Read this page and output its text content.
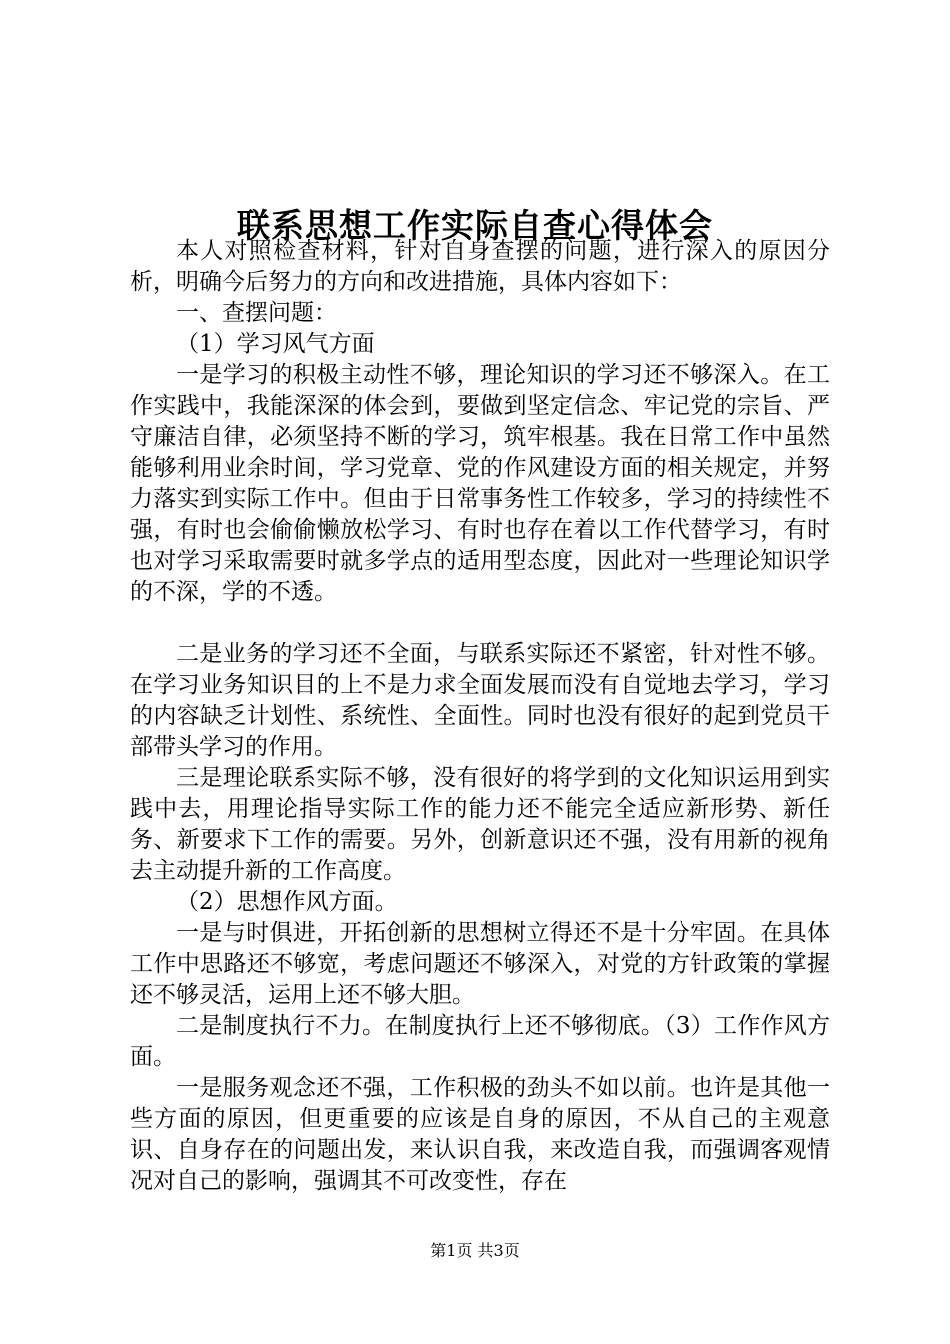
联系思想工作实际自查心得体会

本人对照检查材料，针对自身查摆的问题，进行深入的原因分析，明确今后努力的方向和改进措施，具体内容如下：

一、查摆问题：

（1）学习风气方面

一是学习的积极主动性不够，理论知识的学习还不够深入。在工作实践中，我能深深的体会到，要做到坚定信念、牢记党的宗旨、严守廉洁自律，必须坚持不断的学习，筑牢根基。我在日常工作中虽然能够利用业余时间，学习党章、党的作风建设方面的相关规定，并努力落实到实际工作中。但由于日常事务性工作较多，学习的持续性不强，有时也会偷偷懒放松学习、有时也存在着以工作代替学习，有时也对学习采取需要时就多学点的适用型态度，因此对一些理论知识学的不深，学的不透。

二是业务的学习还不全面，与联系实际还不紧密，针对性不够。在学习业务知识目的上不是力求全面发展而没有自觉地去学习，学习的内容缺乏计划性、系统性、全面性。同时也没有很好的起到党员干部带头学习的作用。

三是理论联系实际不够，没有很好的将学到的文化知识运用到实践中去，用理论指导实际工作的能力还不能完全适应新形势、新任务、新要求下工作的需要。另外，创新意识还不强，没有用新的视角去主动提升新的工作高度。

（2）思想作风方面。

一是与时俱进，开拓创新的思想树立得还不是十分牢固。在具体工作中思路还不够宽，考虑问题还不够深入，对党的方针政策的掌握还不够灵活，运用上还不够大胆。

二是制度执行不力。在制度执行上还不够彻底。（3）工作作风方面。

一是服务观念还不强，工作积极的劲头不如以前。也许是其他一些方面的原因，但更重要的应该是自身的原因，不从自己的主观意识、自身存在的问题出发，来认识自我，来改造自我，而强调客观情况对自己的影响，强调其不可改变性，存在

第1页 共3页
